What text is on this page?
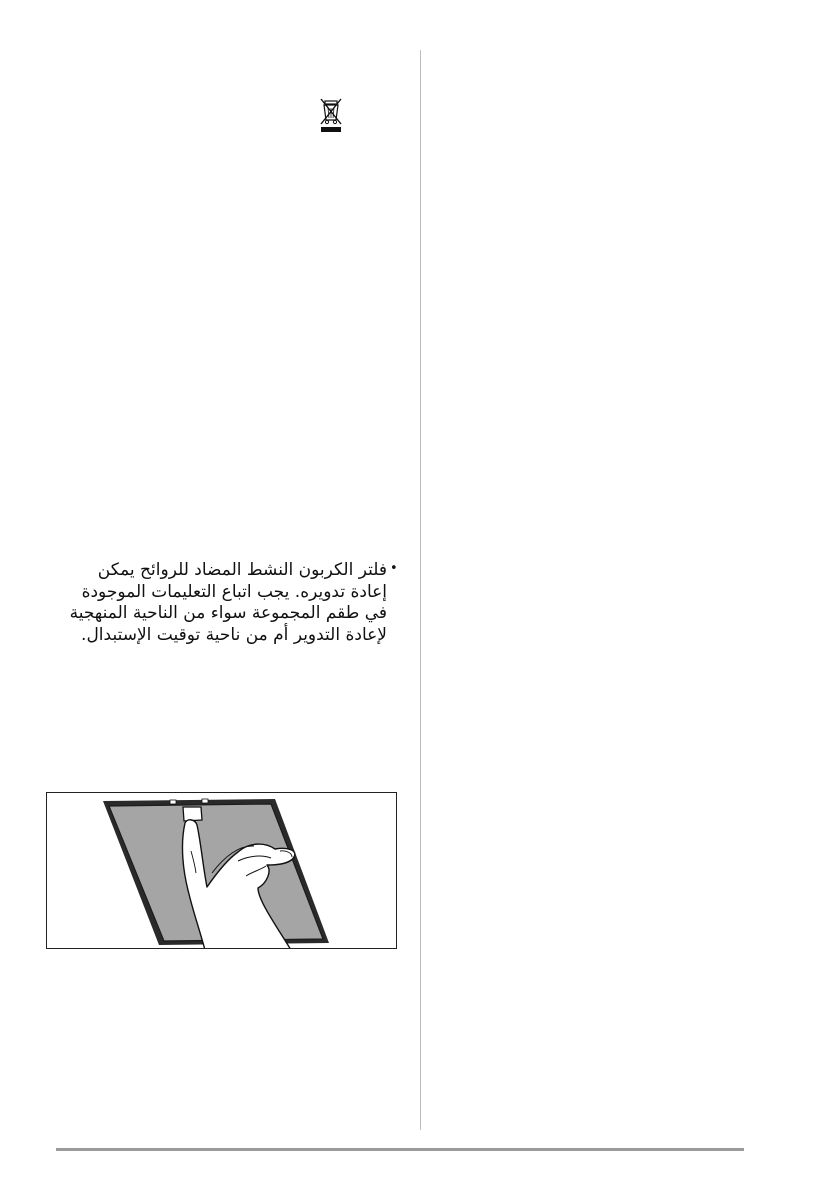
•

فلتر الكربون النشط المضاد للروائح يمكن
إعادة تدويره. يجب اتباع التعليمات الموجودة
في طقم المجموعة سواء من الناحية المنهجية
لإعادة التدوير أم من ناحية توقيت الإستبدال.
